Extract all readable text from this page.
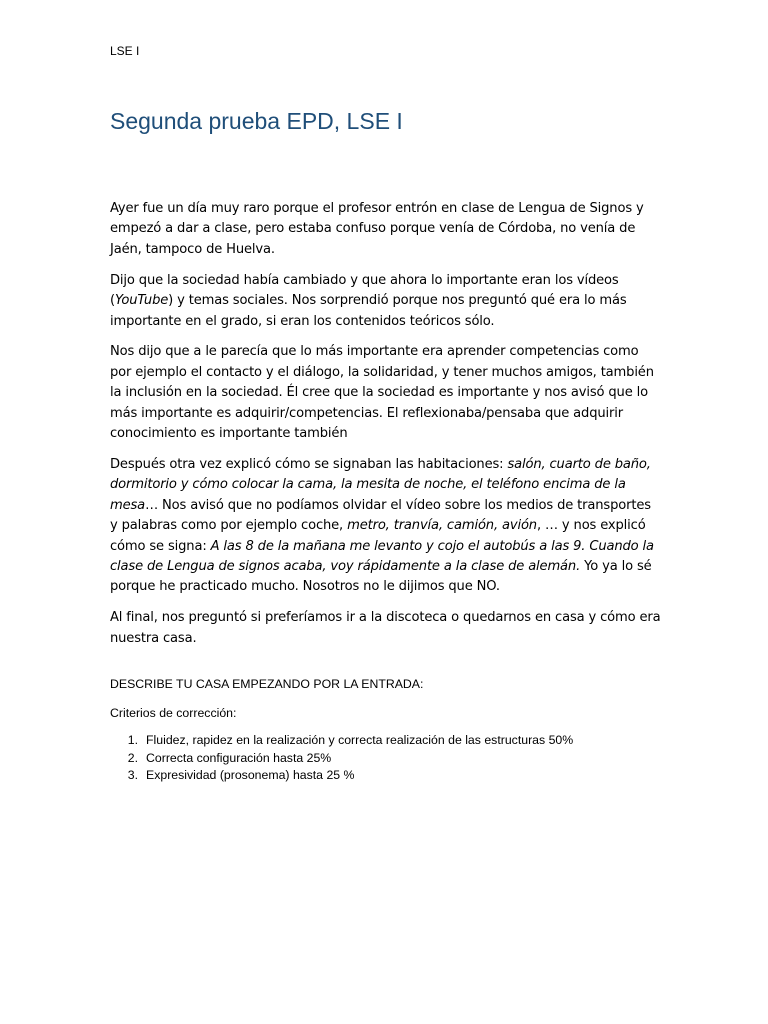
LSE I
Segunda prueba EPD, LSE I

Ayer fue un día muy raro porque el profesor entrón en clase de Lengua de Signos y empezó a dar a clase, pero estaba confuso porque venía de Córdoba, no venía de Jaén, tampoco de Huelva.

Dijo que la sociedad había cambiado y que ahora lo importante eran los vídeos (YouTube) y temas sociales. Nos sorprendió porque nos preguntó qué era lo más importante en el grado, si eran los contenidos teóricos sólo.

Nos dijo que a le parecía que lo más importante era aprender competencias como por ejemplo el contacto y el diálogo, la solidaridad, y tener muchos amigos, también la inclusión en la sociedad. Él cree que la sociedad es importante y nos avisó que lo más importante es adquirir/competencias. El reflexionaba/pensaba que adquirir conocimiento es importante también

Después otra vez explicó cómo se signaban las habitaciones: salón, cuarto de baño, dormitorio y cómo colocar la cama, la mesita de noche, el teléfono encima de la mesa… Nos avisó que no podíamos olvidar el vídeo sobre los medios de transportes y palabras como por ejemplo coche, metro, tranvía, camión, avión, … y nos explicó cómo se signa: A las 8 de la mañana me levanto y cojo el autobús a las 9. Cuando la clase de Lengua de signos acaba, voy rápidamente a la clase de alemán. Yo ya lo sé porque he practicado mucho. Nosotros no le dijimos que NO.

Al final, nos preguntó si preferíamos ir a la discoteca o quedarnos en casa y cómo era nuestra casa.

DESCRIBE TU CASA EMPEZANDO POR LA ENTRADA:
Criterios de corrección:
1. Fluidez, rapidez en la realización y correcta realización de las estructuras 50%
2. Correcta configuración hasta 25%
3. Expresividad (prosonema) hasta 25 %
